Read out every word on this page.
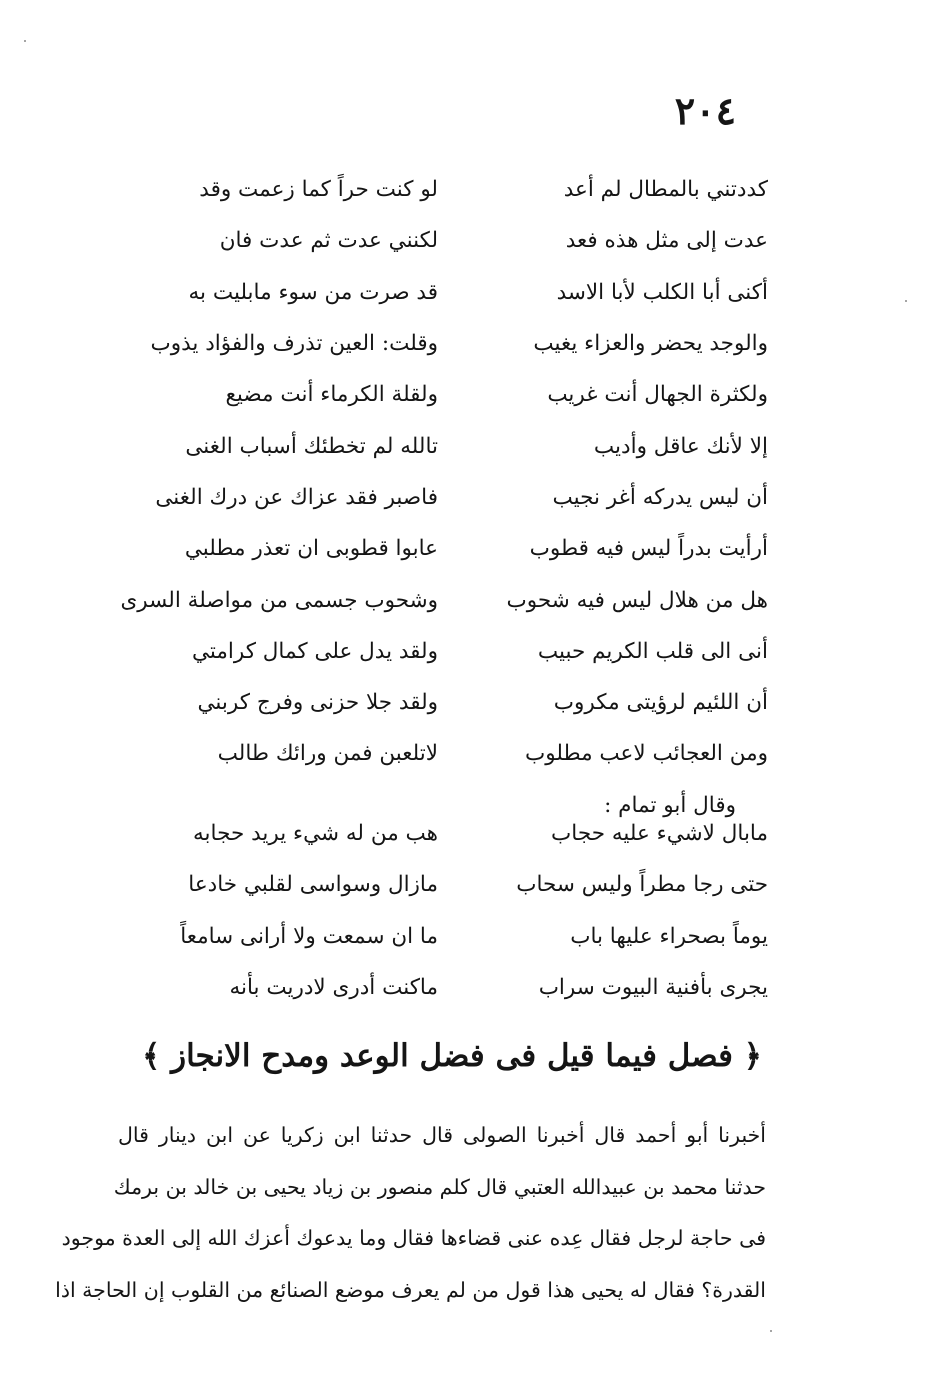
٢٠٤
لو كنت حراً كما زعمت وقد	كددتني بالمطال لم أعد
لكنني عدت ثم عدت فان	عدت إلى مثل هذه فعد
قد صرت من سوء مابليت به	أكنى أبا الكلب لأبا الاسد
وقلت: العين تذرف والفؤاد يذوب	والوجد يحضر والعزاء يغيب
ولقلة الكرماء أنت مضيع	ولكثرة الجهال أنت غريب
تالله لم تخطئك أسباب الغنى	إلا لأنك عاقل وأديب
فاصبر فقد عزاك عن درك الغنى	أن ليس يدركه أغر نجيب
عابوا قطوبى ان تعذر مطلبي	أرأيت بدراً ليس فيه قطوب
وشحوب جسمى من مواصلة السرى	هل من هلال ليس فيه شحوب
ولقد يدل على كمال كرامتي	أنى الى قلب الكريم حبيب
ولقد جلا حزنى وفرج كربني	أن اللئيم لرؤيتى مكروب
لاتلعبن فمن ورائك طالب	ومن العجائب لاعب مطلوب
وقال أبو تمام :
هب من له شيء يريد حجابه	مابال لاشيء عليه حجاب
مازال وسواسى لقلبي خادعا	حتى رجا مطراً وليس سحاب
ما ان سمعت ولا أرانى سامعاً	يوماً بصحراء عليها باب
ماكنت أدرى لادريت بأنه	يجرى بأفنية البيوت سراب
﴿ فصل فيما قيل فى فضل الوعد ومدح الانجاز ﴾
أخبرنا أبو أحمد قال أخبرنا الصولى قال حدثنا ابن زكريا عن ابن دينار قال
حدثنا محمد بن عبيدالله العتبي قال كلم منصور بن زياد يحيى بن خالد بن برمك
فى حاجة لرجل فقال عِده عنى قضاءها فقال وما يدعوك أعزك الله إلى العدة موجود
القدرة؟ فقال له يحيى هذا قول من لم يعرف موضع الصنائع من القلوب إن الحاجة اذا
